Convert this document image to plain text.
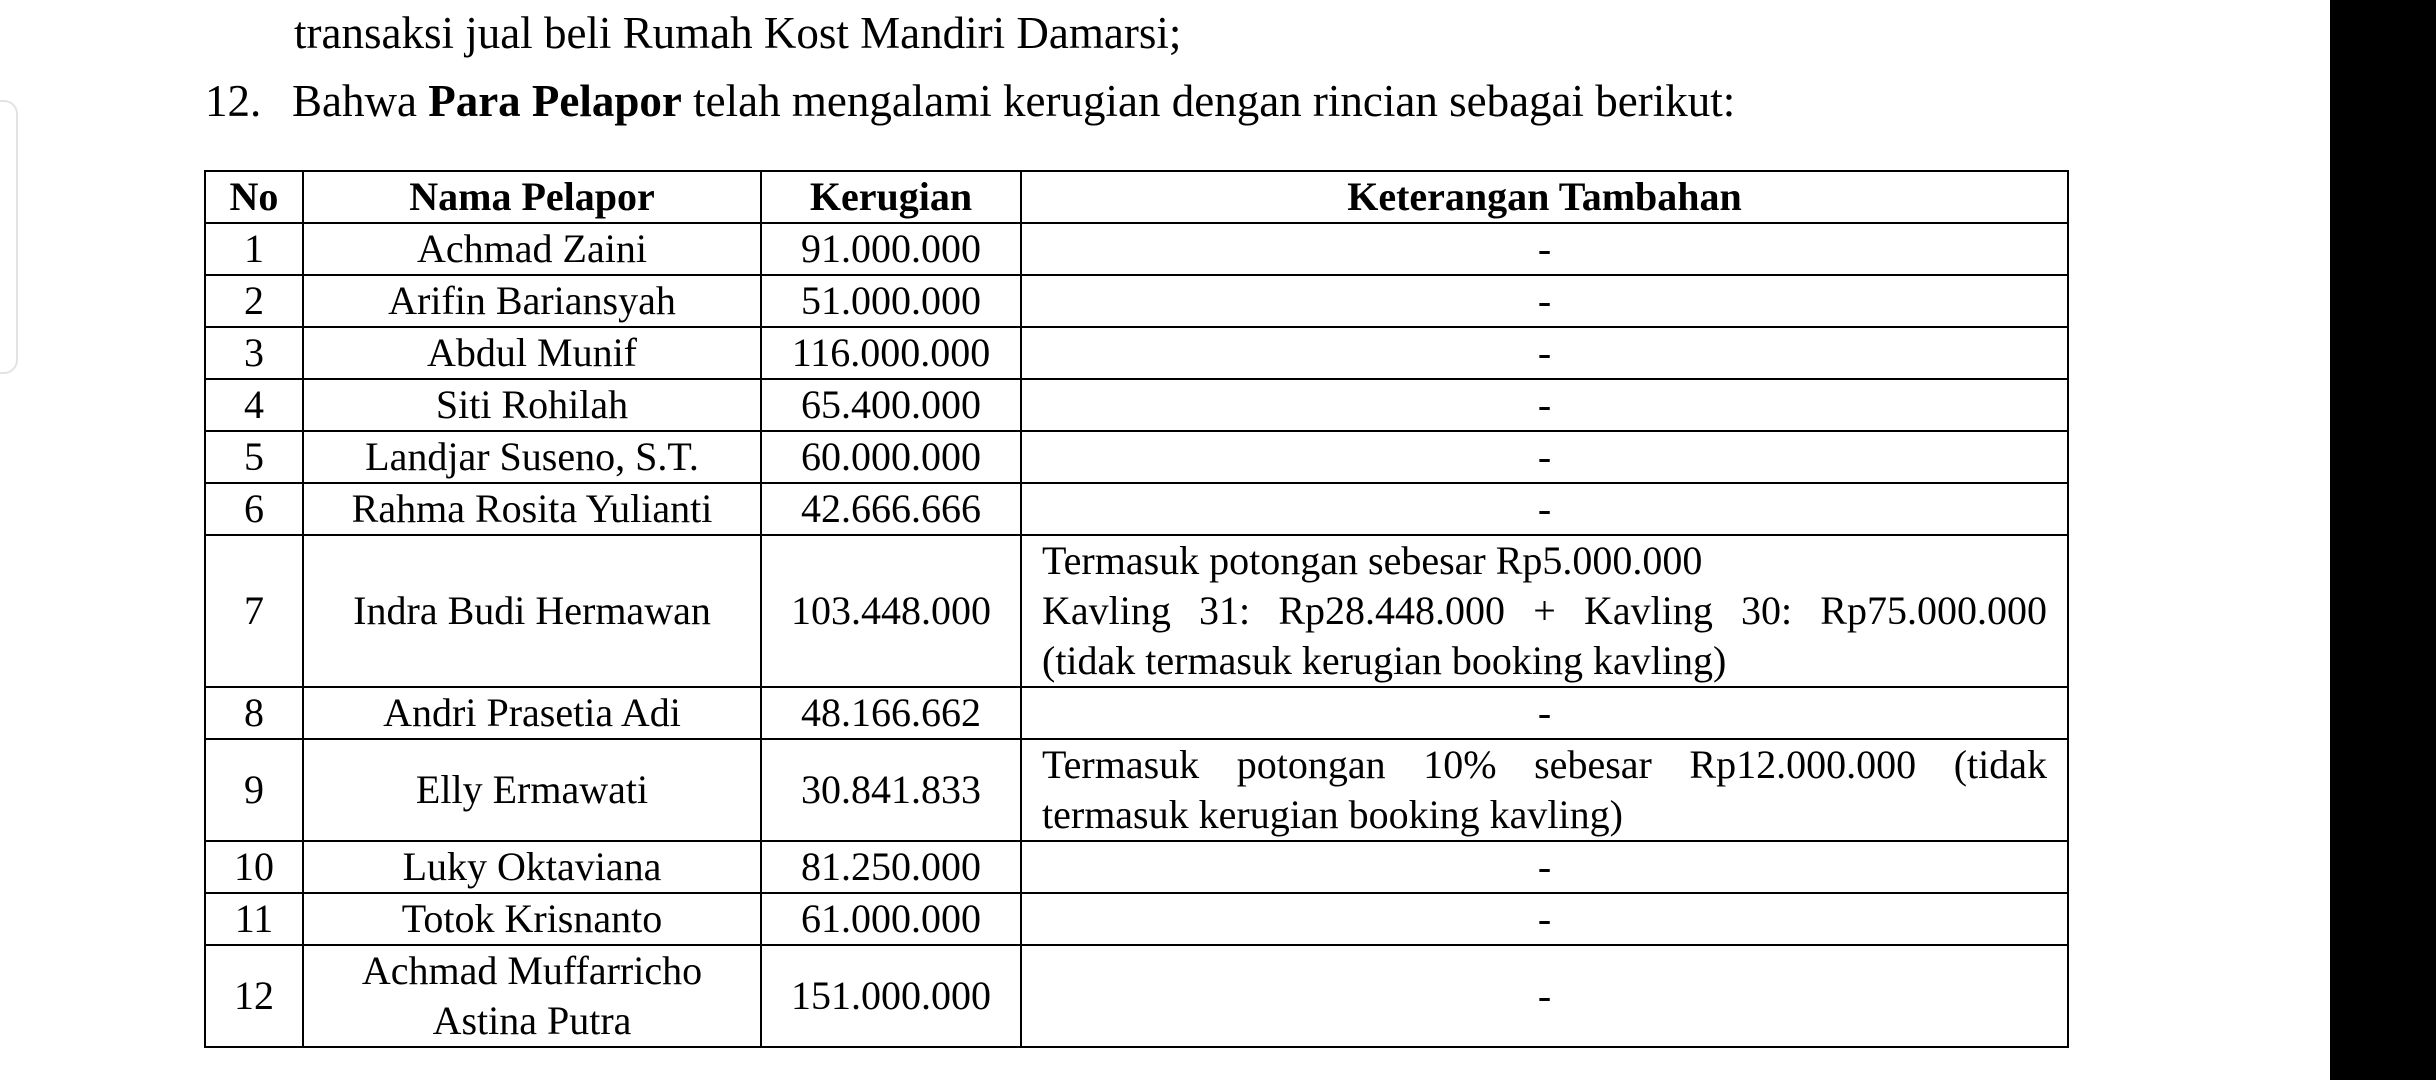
transaksi jual beli Rumah Kost Mandiri Damarsi;
12. Bahwa Para Pelapor telah mengalami kerugian dengan rincian sebagai berikut:
No	Nama Pelapor	Kerugian	Keterangan Tambahan
1	Achmad Zaini	91.000.000	-
2	Arifin Bariansyah	51.000.000	-
3	Abdul Munif	116.000.000	-
4	Siti Rohilah	65.400.000	-
5	Landjar Suseno, S.T.	60.000.000	-
6	Rahma Rosita Yulianti	42.666.666	-
7	Indra Budi Hermawan	103.448.000	Termasuk potongan sebesar Rp5.000.000
Kavling 31: Rp28.448.000 + Kavling 30: Rp75.000.000
(tidak termasuk kerugian booking kavling)

8	Andri Prasetia Adi	48.166.662	-
9	Elly Ermawati	30.841.833	Termasuk potongan 10% sebesar Rp12.000.000 (tidak
termasuk kerugian booking kavling)

10	Luky Oktaviana	81.250.000	-
11	Totok Krisnanto	61.000.000	-
12	Achmad Muffarricho
Astina Putra	151.000.000	-
